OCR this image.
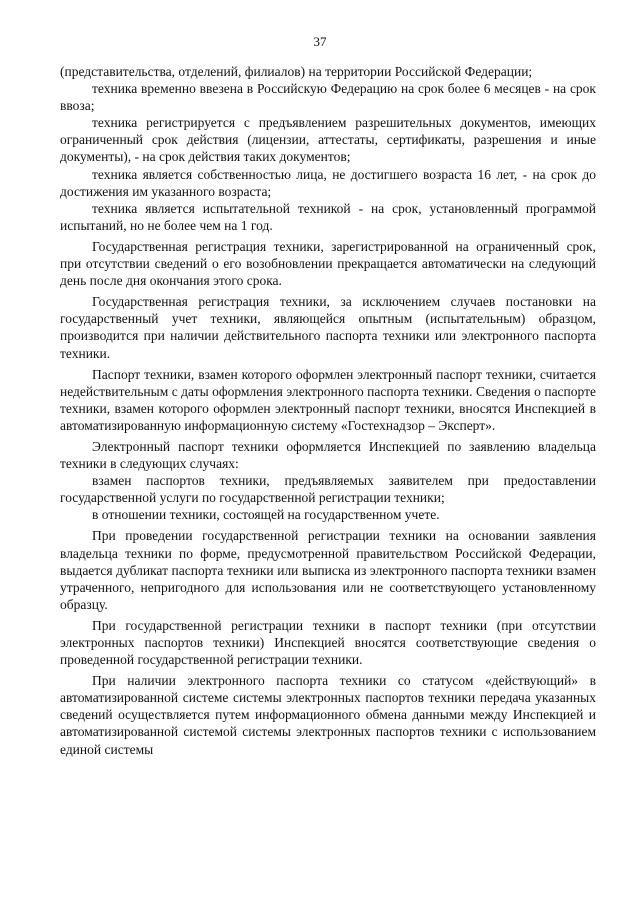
37

(представительства, отделений, филиалов) на территории Российской Федерации;

техника временно ввезена в Российскую Федерацию на срок более 6 месяцев - на срок ввоза;

техника регистрируется с предъявлением разрешительных документов, имеющих ограниченный срок действия (лицензии, аттестаты, сертификаты, разрешения и иные документы), - на срок действия таких документов;

техника является собственностью лица, не достигшего возраста 16 лет, - на срок до достижения им указанного возраста;

техника является испытательной техникой - на срок, установленный программой испытаний, но не более чем на 1 год.

Государственная регистрация техники, зарегистрированной на ограниченный срок, при отсутствии сведений о его возобновлении прекращается автоматически на следующий день после дня окончания этого срока.

Государственная регистрация техники, за исключением случаев постановки на государственный учет техники, являющейся опытным (испытательным) образцом, производится при наличии действительного паспорта техники или электронного паспорта техники.

Паспорт техники, взамен которого оформлен электронный паспорт техники, считается недействительным с даты оформления электронного паспорта техники. Сведения о паспорте техники, взамен которого оформлен электронный паспорт техники, вносятся Инспекцией в автоматизированную информационную систему «Гостехнадзор – Эксперт».

Электронный паспорт техники оформляется Инспекцией по заявлению владельца техники в следующих случаях:

взамен паспортов техники, предъявляемых заявителем при предоставлении государственной услуги по государственной регистрации техники;

в отношении техники, состоящей на государственном учете.

При проведении государственной регистрации техники на основании заявления владельца техники по форме, предусмотренной правительством Российской Федерации, выдается дубликат паспорта техники или выписка из электронного паспорта техники взамен утраченного, непригодного для использования или не соответствующего установленному образцу.

При государственной регистрации техники в паспорт техники (при отсутствии электронных паспортов техники) Инспекцией вносятся соответствующие сведения о проведенной государственной регистрации техники.

При наличии электронного паспорта техники со статусом «действующий» в автоматизированной системе системы электронных паспортов техники передача указанных сведений осуществляется путем информационного обмена данными между Инспекцией и автоматизированной системой системы электронных паспортов техники с использованием единой системы
